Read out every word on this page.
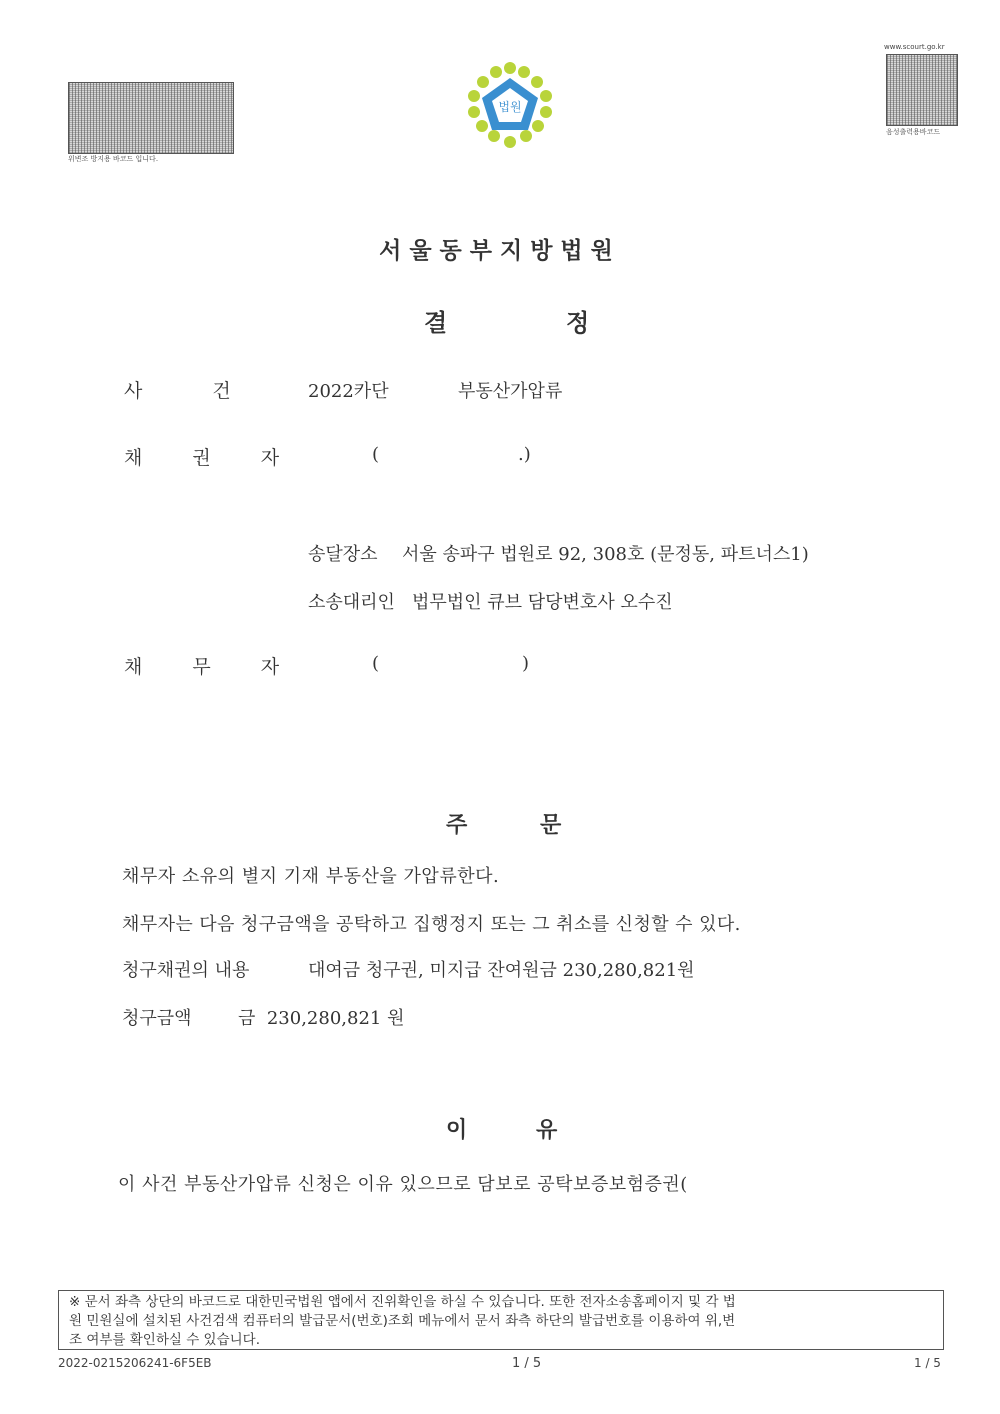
위변조 방지용 바코드 입니다.
www.scourt.go.kr
음성출력용바코드
법원
서울동부지방법원
결	정
사	건	2022카단	부동산가압류
채 권 자	(	.)
송달장소 서울 송파구 법원로 92, 308호 (문정동, 파트너스1)
소송대리인 법무법인 큐브 담당변호사 오수진
채 무 자	(	)
주	문
채무자 소유의 별지 기재 부동산을 가압류한다.
채무자는 다음 청구금액을 공탁하고 집행정지 또는 그 취소를 신청할 수 있다.
청구채권의 내용	대여금 청구권, 미지급 잔여원금 230,280,821원
청구금액	금  230,280,821 원
이	유
이 사건 부동산가압류 신청은 이유 있으므로 담보로 공탁보증보험증권(
※ 문서 좌측 상단의 바코드로 대한민국법원 앱에서 진위확인을 하실 수 있습니다. 또한 전자소송홈페이지 및 각 법
원 민원실에 설치된 사건검색 컴퓨터의 발급문서(번호)조회 메뉴에서 문서 좌측 하단의 발급번호를 이용하여 위,변
조 여부를 확인하실 수 있습니다.
2022-0215206241-6F5EB	1 / 5	1 / 5
